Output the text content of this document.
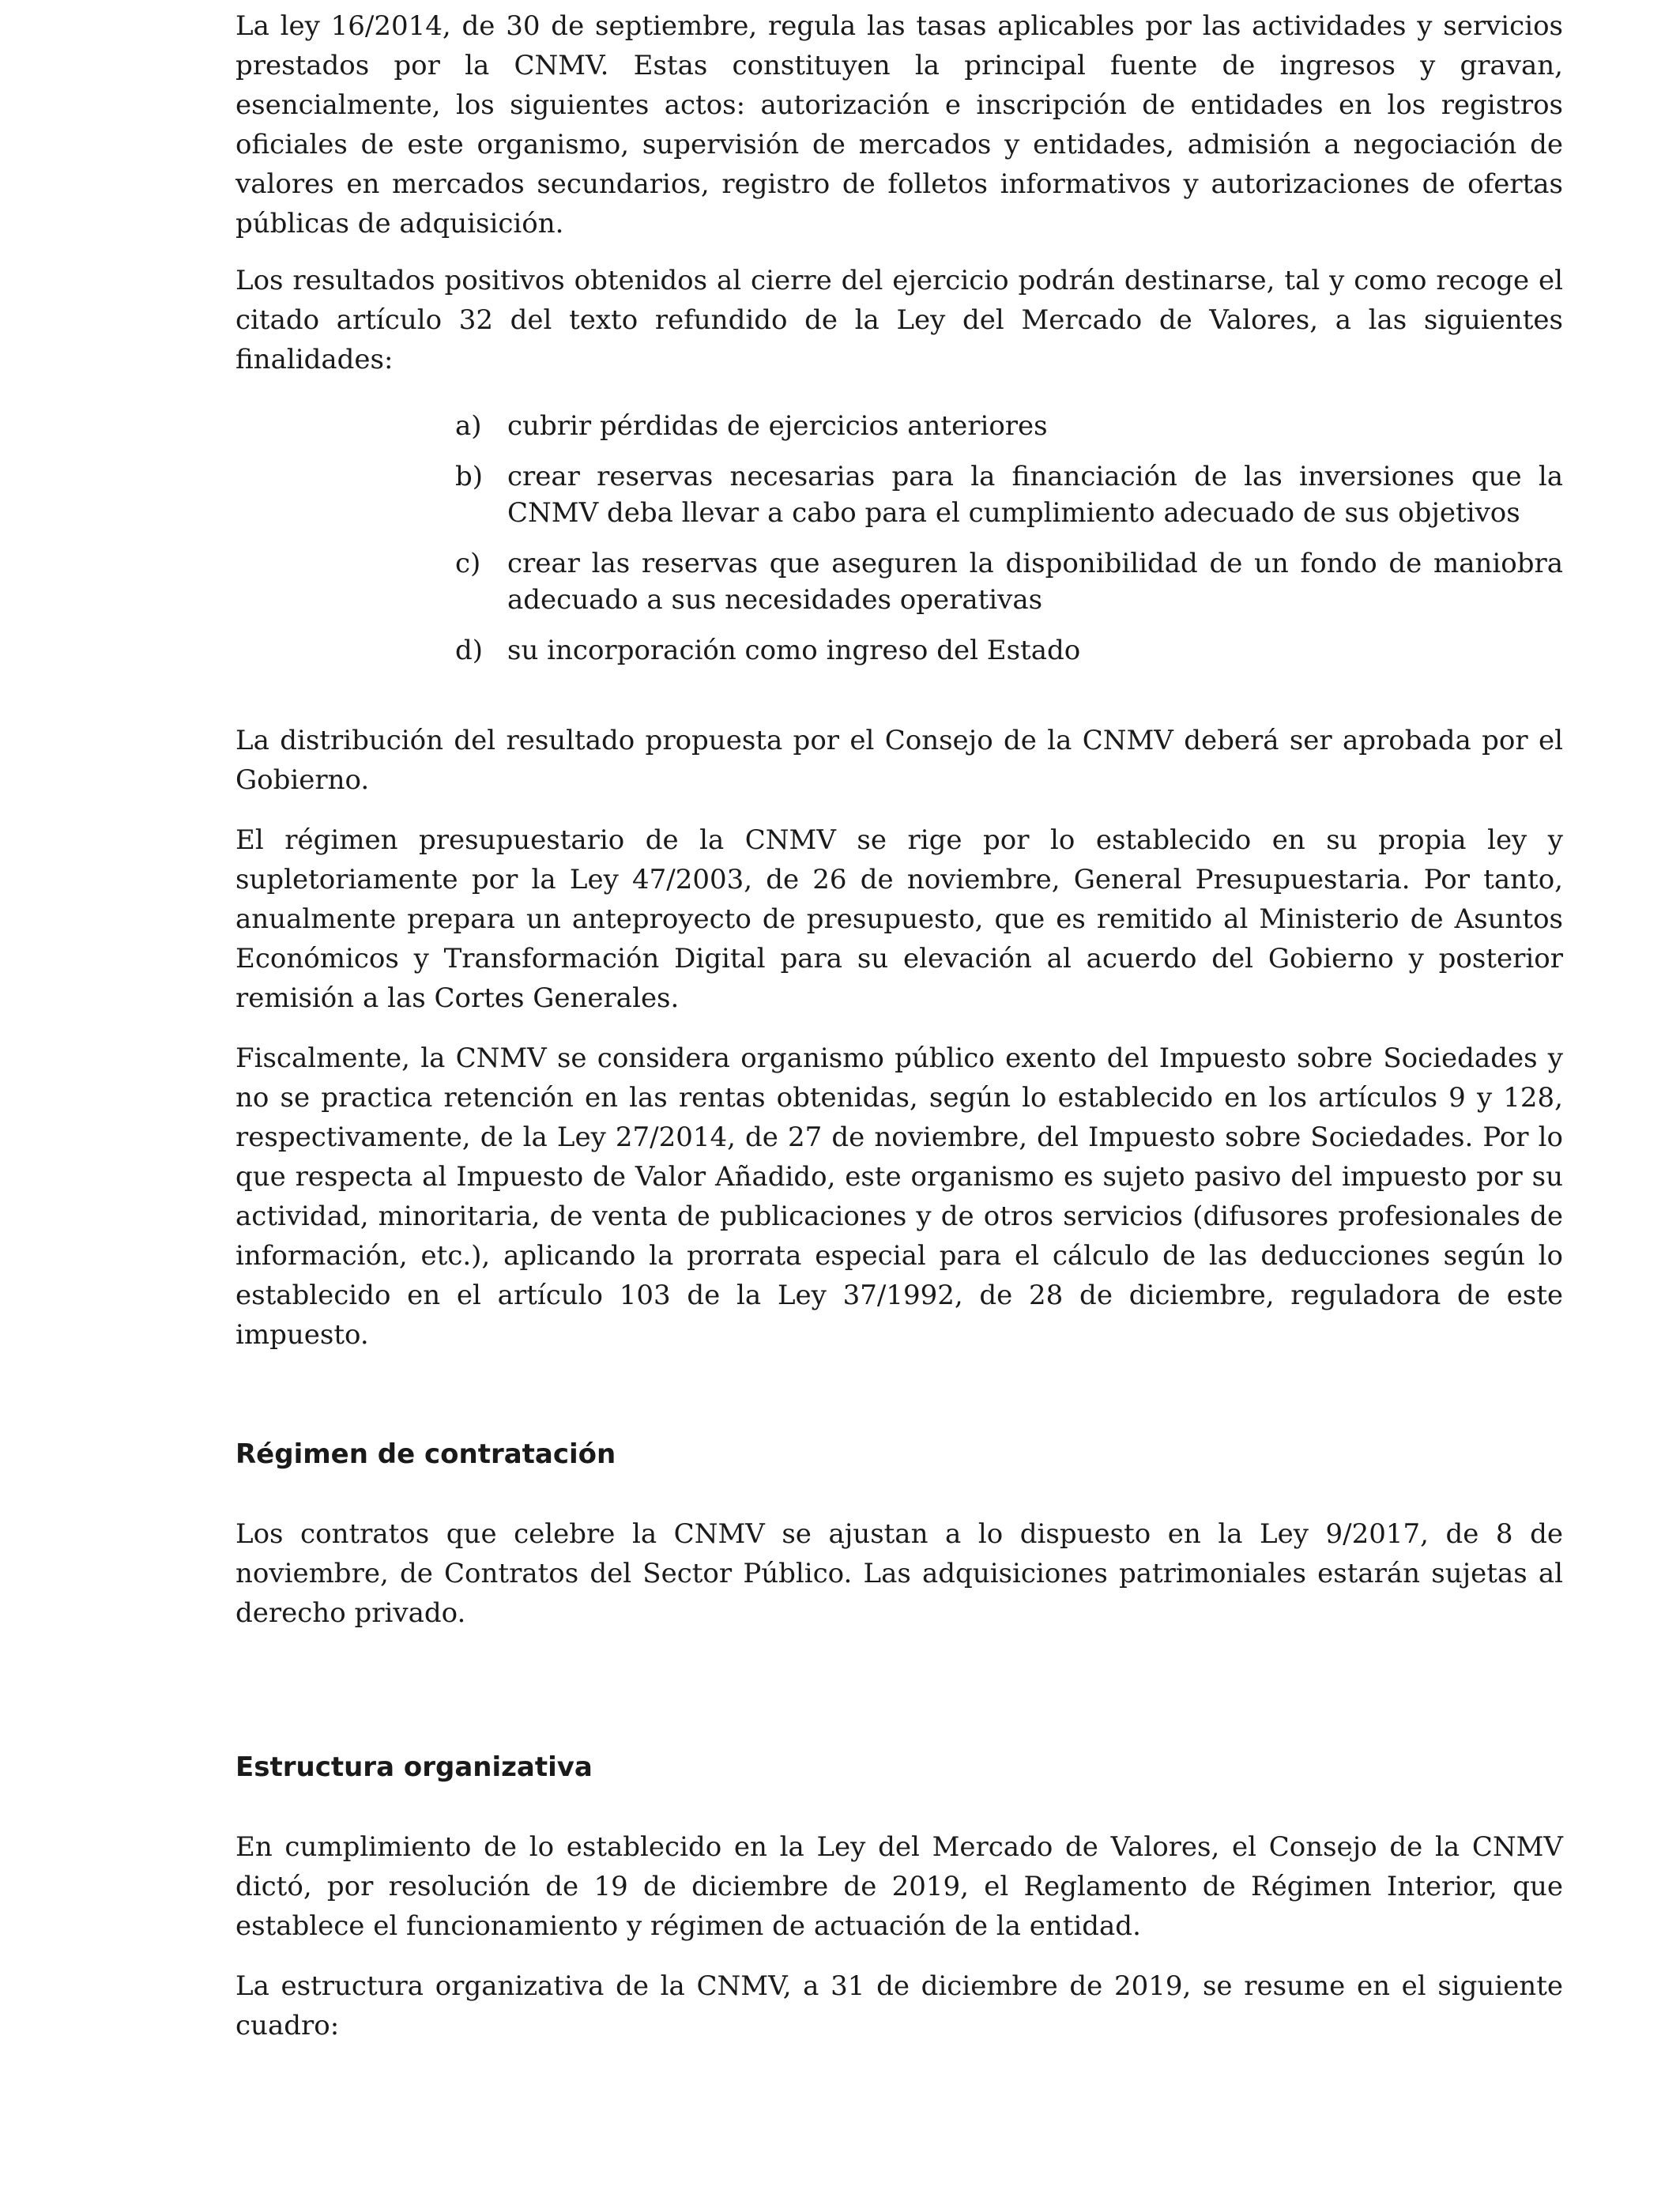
La ley 16/2014, de 30 de septiembre, regula las tasas aplicables por las actividades y servicios prestados por la CNMV. Estas constituyen la principal fuente de ingresos y gravan, esencialmente, los siguientes actos: autorización e inscripción de entidades en los registros oficiales de este organismo, supervisión de mercados y entidades, admisión a negociación de valores en mercados secundarios, registro de folletos informativos y autorizaciones de ofertas públicas de adquisición.

Los resultados positivos obtenidos al cierre del ejercicio podrán destinarse, tal y como recoge el citado artículo 32 del texto refundido de la Ley del Mercado de Valores, a las siguientes finalidades:

a) cubrir pérdidas de ejercicios anteriores
b) crear reservas necesarias para la financiación de las inversiones que la CNMV deba llevar a cabo para el cumplimiento adecuado de sus objetivos
c) crear las reservas que aseguren la disponibilidad de un fondo de maniobra adecuado a sus necesidades operativas
d) su incorporación como ingreso del Estado

La distribución del resultado propuesta por el Consejo de la CNMV deberá ser aprobada por el Gobierno.

El régimen presupuestario de la CNMV se rige por lo establecido en su propia ley y supletoriamente por la Ley 47/2003, de 26 de noviembre, General Presupuestaria. Por tanto, anualmente prepara un anteproyecto de presupuesto, que es remitido al Ministerio de Asuntos Económicos y Transformación Digital para su elevación al acuerdo del Gobierno y posterior remisión a las Cortes Generales.

Fiscalmente, la CNMV se considera organismo público exento del Impuesto sobre Sociedades y no se practica retención en las rentas obtenidas, según lo establecido en los artículos 9 y 128, respectivamente, de la Ley 27/2014, de 27 de noviembre, del Impuesto sobre Sociedades. Por lo que respecta al Impuesto de Valor Añadido, este organismo es sujeto pasivo del impuesto por su actividad, minoritaria, de venta de publicaciones y de otros servicios (difusores profesionales de información, etc.), aplicando la prorrata especial para el cálculo de las deducciones según lo establecido en el artículo 103 de la Ley 37/1992, de 28 de diciembre, reguladora de este impuesto.

Régimen de contratación

Los contratos que celebre la CNMV se ajustan a lo dispuesto en la Ley 9/2017, de 8 de noviembre, de Contratos del Sector Público. Las adquisiciones patrimoniales estarán sujetas al derecho privado.

Estructura organizativa

En cumplimiento de lo establecido en la Ley del Mercado de Valores, el Consejo de la CNMV dictó, por resolución de 19 de diciembre de 2019, el Reglamento de Régimen Interior, que establece el funcionamiento y régimen de actuación de la entidad.

La estructura organizativa de la CNMV, a 31 de diciembre de 2019, se resume en el siguiente cuadro:
